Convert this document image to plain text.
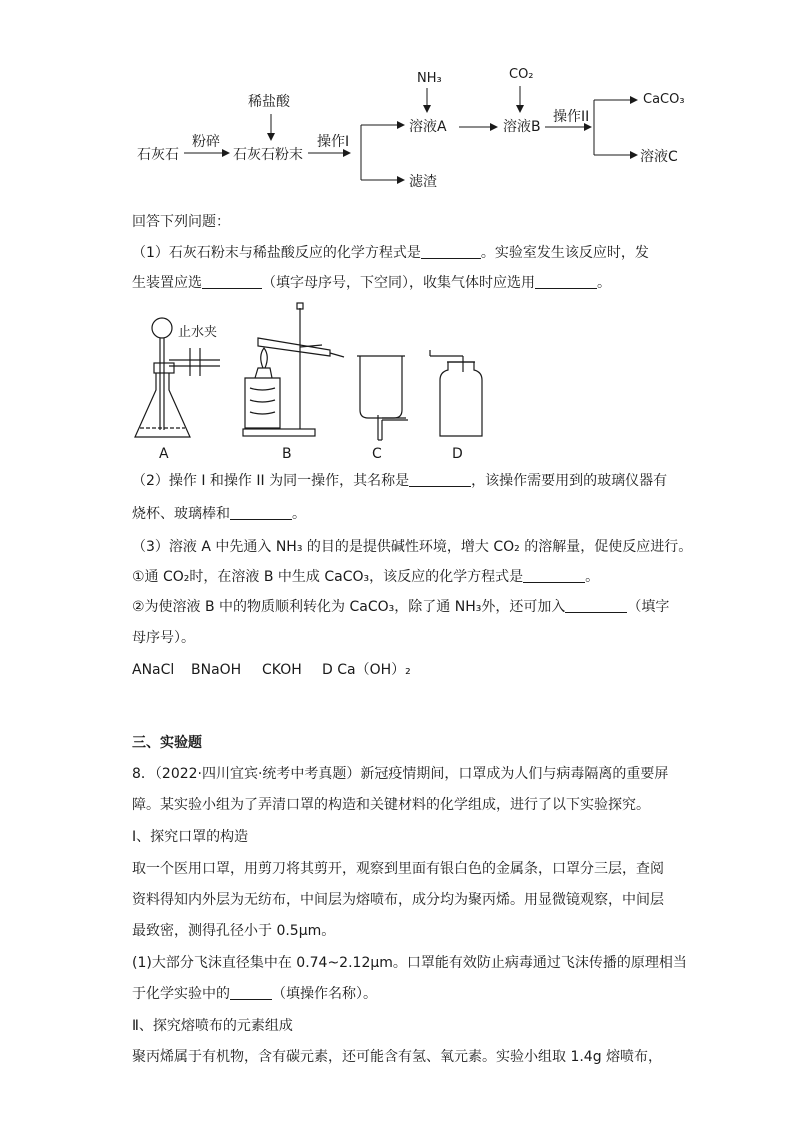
石灰石
粉碎
石灰石粉末
稀盐酸
操作I
溶液A
NH₃
滤渣
溶液B
CO₂
操作II
CaCO₃
溶液C
回答下列问题：
（1）石灰石粉末与稀盐酸反应的化学方程式是	。实验室发生该反应时，发
生装置应选	（填字母序号，下空同），收集气体时应选用	。
止水夹
A	B	C	D
（2）操作 I 和操作 II 为同一操作，其名称是	，该操作需要用到的玻璃仪器有
烧杯、玻璃棒和	。
（3）溶液 A 中先通入 NH₃ 的目的是提供碱性环境，增大 CO₂ 的溶解量，促使反应进行。
①通 CO₂时，在溶液 B 中生成 CaCO₃，该反应的化学方程式是	。
②为使溶液 B 中的物质顺利转化为 CaCO₃，除了通 NH₃外，还可加入	（填字
母序号）。
ANaCl BNaOH CKOH D Ca（OH）₂
三、实验题
8．（2022·四川宜宾·统考中考真题）新冠疫情期间，口罩成为人们与病毒隔离的重要屏
障。某实验小组为了弄清口罩的构造和关键材料的化学组成，进行了以下实验探究。
Ⅰ、探究口罩的构造
取一个医用口罩，用剪刀将其剪开，观察到里面有银白色的金属条，口罩分三层，查阅
资料得知内外层为无纺布，中间层为熔喷布，成分均为聚丙烯。用显微镜观察，中间层
最致密，测得孔径小于 0.5μm。
(1)大部分飞沫直径集中在 0.74~2.12μm。口罩能有效防止病毒通过飞沫传播的原理相当
于化学实验中的	（填操作名称）。
Ⅱ、探究熔喷布的元素组成
聚丙烯属于有机物，含有碳元素，还可能含有氢、氧元素。实验小组取 1.4g 熔喷布，
